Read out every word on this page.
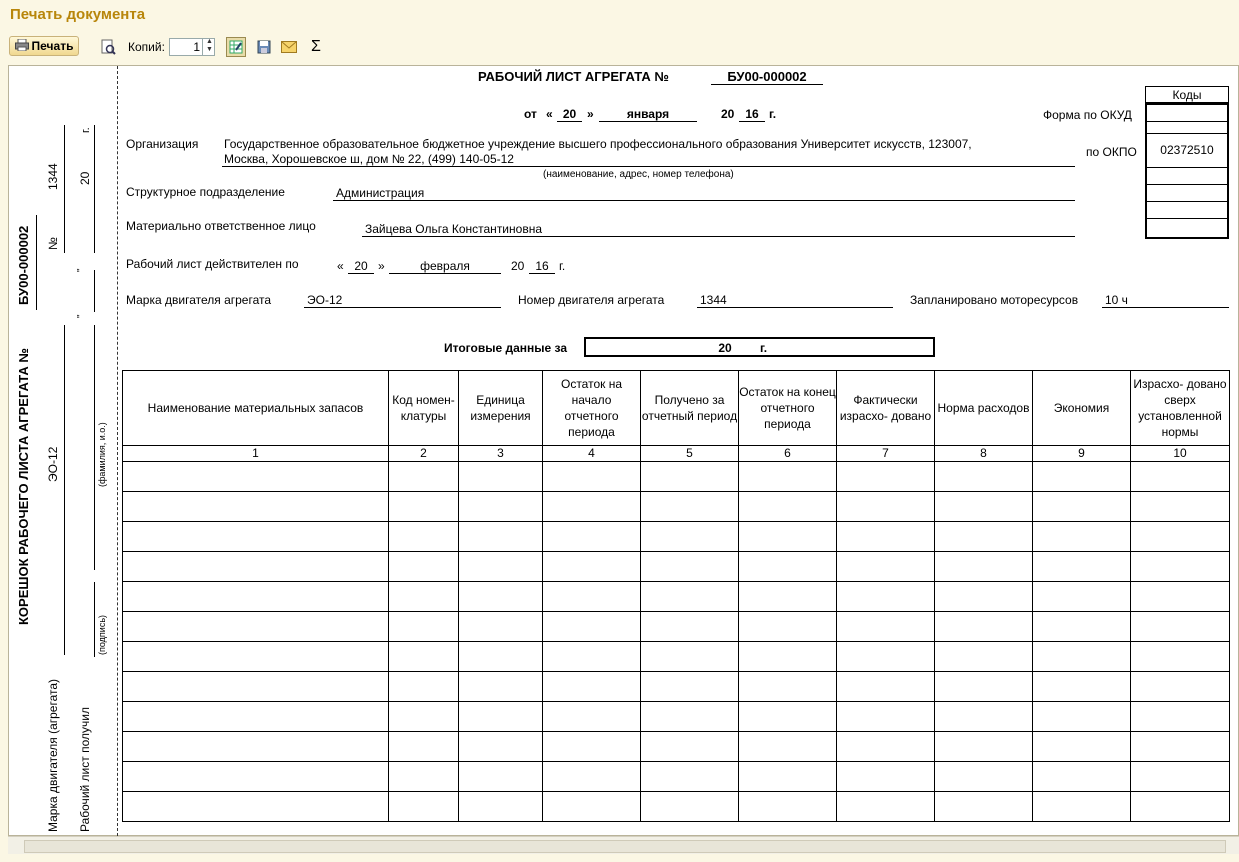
Печать документа
Печать	Копий:	1 ▲
▼	Σ
КОРЕШОК РАБОЧЕГО ЛИСТА АГРЕГАТА №
БУ00-000002 №
1344 20
г.
"
"
ЭО-12
Марка двигателя (агрегата)
(фамилия, и.о.)
(подпись)
Рабочий лист получил
РАБОЧИЙ ЛИСТ АГРЕГАТА №	БУ00-000002
от « 20 »	января	20 16 г.
Коды
02372510
Форма по ОКУД
по ОКПО
Организация Государственное образовательное бюджетное учреждение высшего профессионального образования Университет искусств, 123007,
Москва, Хорошевское ш, дом № 22, (499) 140-05-12
(наименование, адрес, номер телефона)
Структурное подразделение	Администрация
Материально ответственное лицо	Зайцева Ольга Константиновна
Рабочий лист действителен по	« 20 »	февраля	20 16 г.
Марка двигателя агрегата	ЭО-12	Номер двигателя агрегата	1344	Запланировано моторесурсов 10 ч
Итоговые данные за	20	г.
Наименование материальных запасов	Код номен- клатуры	Единица измерения	Остаток на начало отчетного периода	Получено за отчетный период	Остаток на конец отчетного периода	Фактически израсхо- довано	Норма расходов	Экономия	Израсхо- довано сверх установленной нормы
1	2	3	4	5	6	7	8	9	10
